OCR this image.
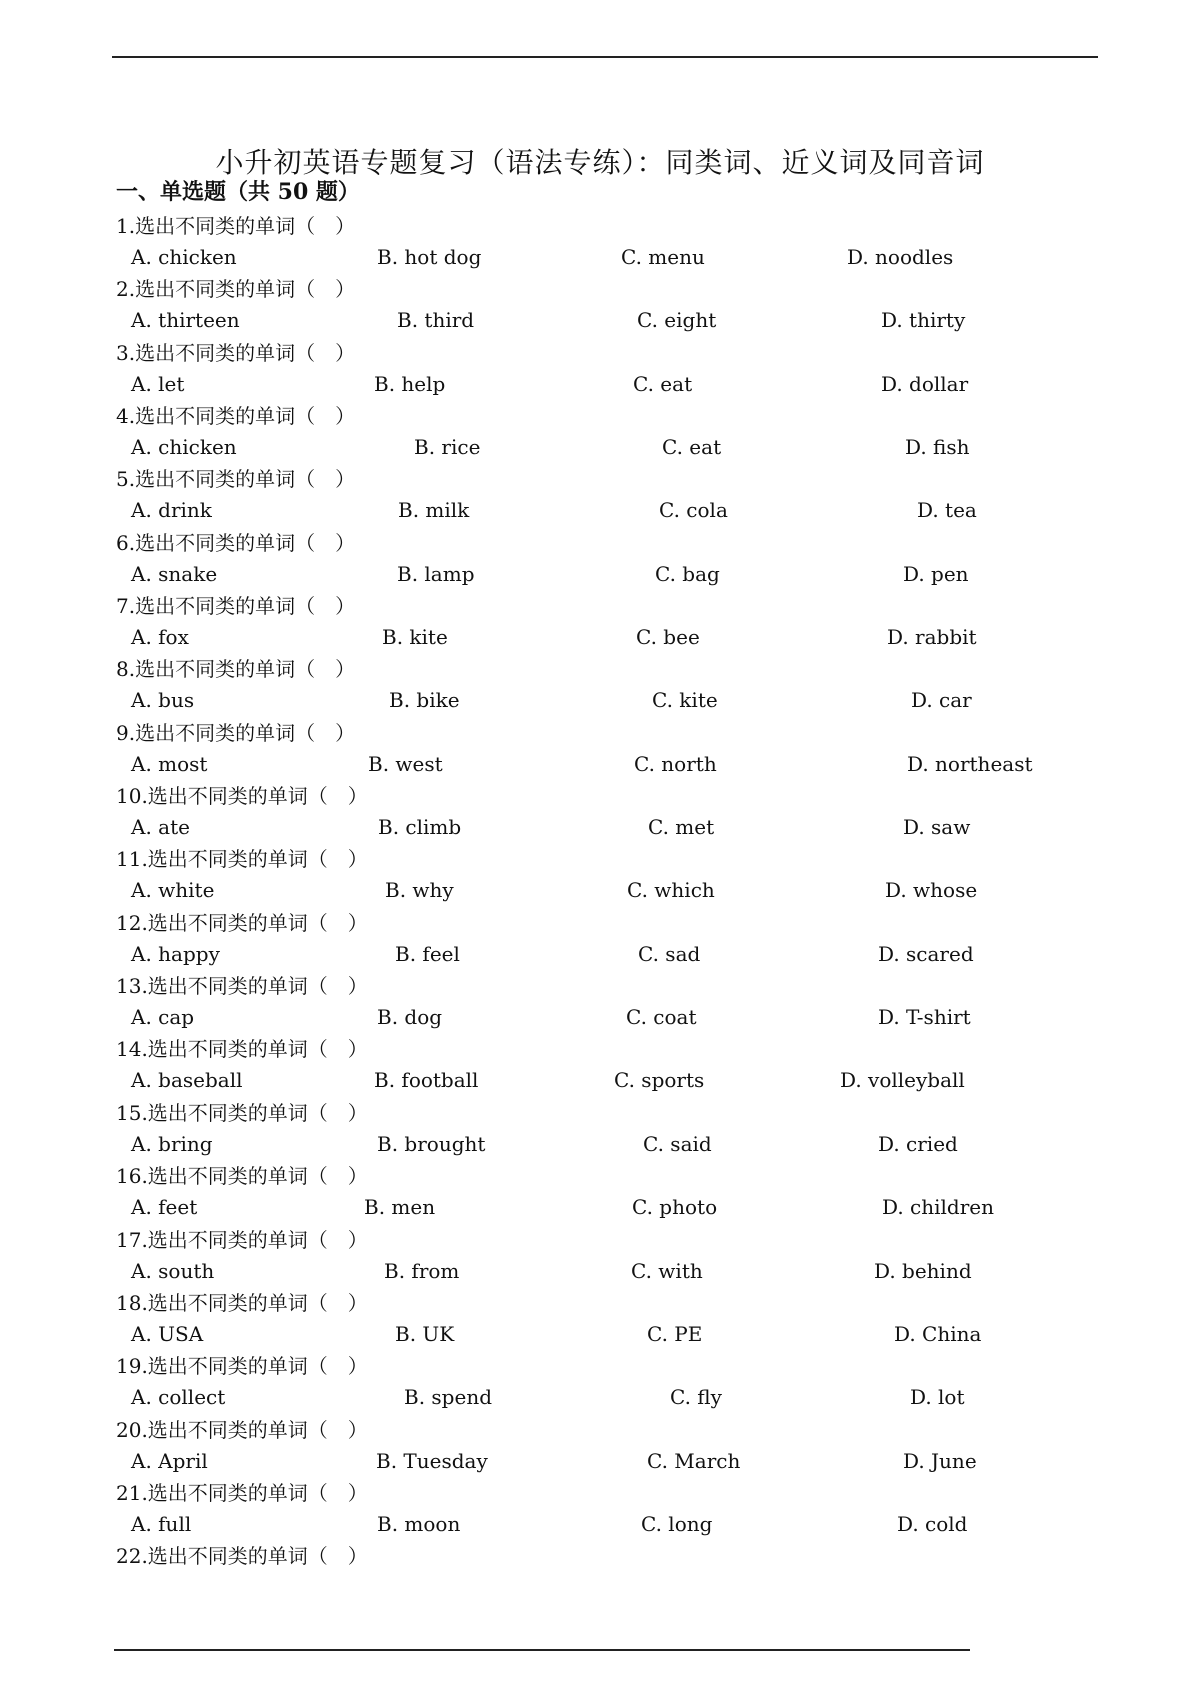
小升初英语专题复习（语法专练）：同类词、近义词及同音词
一、单选题（共 50 题）
1.选出不同类的单词（　）
A. chicken	B. hot dog	C. menu	D. noodles
2.选出不同类的单词（　）
A. thirteen	B. third	C. eight	D. thirty
3.选出不同类的单词（　）
A. let	B. help	C. eat	D. dollar
4.选出不同类的单词（　）
A. chicken	B. rice	C. eat	D. fish
5.选出不同类的单词（　）
A. drink	B. milk	C. cola	D. tea
6.选出不同类的单词（　）
A. snake	B. lamp	C. bag	D. pen
7.选出不同类的单词（　）
A. fox	B. kite	C. bee	D. rabbit
8.选出不同类的单词（　）
A. bus	B. bike	C. kite	D. car
9.选出不同类的单词（　）
A. most	B. west	C. north	D. northeast
10.选出不同类的单词（　）
A. ate	B. climb	C. met	D. saw
11.选出不同类的单词（　）
A. white	B. why	C. which	D. whose
12.选出不同类的单词（　）
A. happy	B. feel	C. sad	D. scared
13.选出不同类的单词（　）
A. cap	B. dog	C. coat	D. T-shirt
14.选出不同类的单词（　）
A. baseball	B. football	C. sports	D. volleyball
15.选出不同类的单词（　）
A. bring	B. brought	C. said	D. cried
16.选出不同类的单词（　）
A. feet	B. men	C. photo	D. children
17.选出不同类的单词（　）
A. south	B. from	C. with	D. behind
18.选出不同类的单词（　）
A. USA	B. UK	C. PE	D. China
19.选出不同类的单词（　）
A. collect	B. spend	C. fly	D. lot
20.选出不同类的单词（　）
A. April	B. Tuesday	C. March	D. June
21.选出不同类的单词（　）
A. full	B. moon	C. long	D. cold
22.选出不同类的单词（　）
